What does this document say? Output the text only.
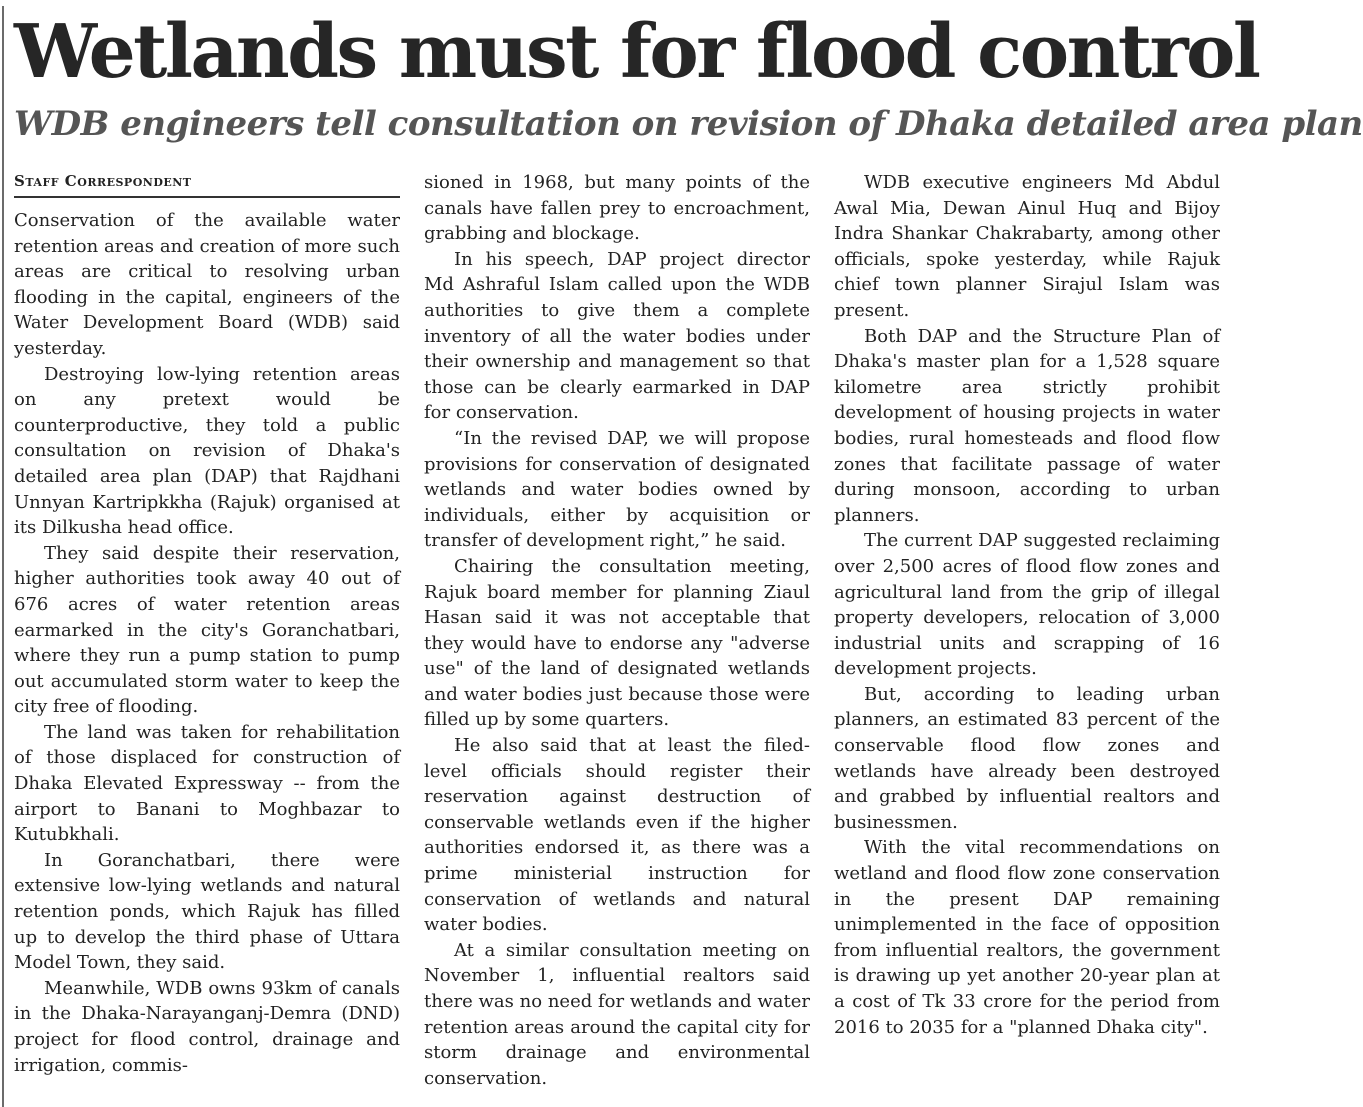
Wetlands must for flood control
WDB engineers tell consultation on revision of Dhaka detailed area plan
Staff Correspondent

Conservation of the available water retention areas and creation of more such areas are critical to resolving urban flooding in the capital, engineers of the Water Development Board (WDB) said yesterday.

Destroying low-lying retention areas on any pretext would be counterproductive, they told a public consultation on revision of Dhaka's detailed area plan (DAP) that Rajdhani Unnyan Kartripkkha (Rajuk) organised at its Dilkusha head office.

They said despite their reservation, higher authorities took away 40 out of 676 acres of water retention areas earmarked in the city's Goranchatbari, where they run a pump station to pump out accumulated storm water to keep the city free of flooding.

The land was taken for rehabilitation of those displaced for construction of Dhaka Elevated Expressway -- from the airport to Banani to Moghbazar to Kutubkhali.

In Goranchatbari, there were extensive low-lying wetlands and natural retention ponds, which Rajuk has filled up to develop the third phase of Uttara Model Town, they said.

Meanwhile, WDB owns 93km of canals in the Dhaka-Narayanganj-Demra (DND) project for flood control, drainage and irrigation, commis-

sioned in 1968, but many points of the canals have fallen prey to encroachment, grabbing and blockage.

In his speech, DAP project director Md Ashraful Islam called upon the WDB authorities to give them a complete inventory of all the water bodies under their ownership and management so that those can be clearly earmarked in DAP for conservation.

“In the revised DAP, we will propose provisions for conservation of designated wetlands and water bodies owned by individuals, either by acquisition or transfer of development right,” he said.

Chairing the consultation meeting, Rajuk board member for planning Ziaul Hasan said it was not acceptable that they would have to endorse any "adverse use" of the land of designated wetlands and water bodies just because those were filled up by some quarters.

He also said that at least the filed-level officials should register their reservation against destruction of conservable wetlands even if the higher authorities endorsed it, as there was a prime ministerial instruction for conservation of wetlands and natural water bodies.

At a similar consultation meeting on November 1, influential realtors said there was no need for wetlands and water retention areas around the capital city for storm drainage and environmental conservation.

WDB executive engineers Md Abdul Awal Mia, Dewan Ainul Huq and Bijoy Indra Shankar Chakrabarty, among other officials, spoke yesterday, while Rajuk chief town planner Sirajul Islam was present.

Both DAP and the Structure Plan of Dhaka's master plan for a 1,528 square kilometre area strictly prohibit development of housing projects in water bodies, rural homesteads and flood flow zones that facilitate passage of water during monsoon, according to urban planners.

The current DAP suggested reclaiming over 2,500 acres of flood flow zones and agricultural land from the grip of illegal property developers, relocation of 3,000 industrial units and scrapping of 16 development projects.

But, according to leading urban planners, an estimated 83 percent of the conservable flood flow zones and wetlands have already been destroyed and grabbed by influential realtors and businessmen.

With the vital recommendations on wetland and flood flow zone conservation in the present DAP remaining unimplemented in the face of opposition from influential realtors, the government is drawing up yet another 20-year plan at a cost of Tk 33 crore for the period from 2016 to 2035 for a "planned Dhaka city".
